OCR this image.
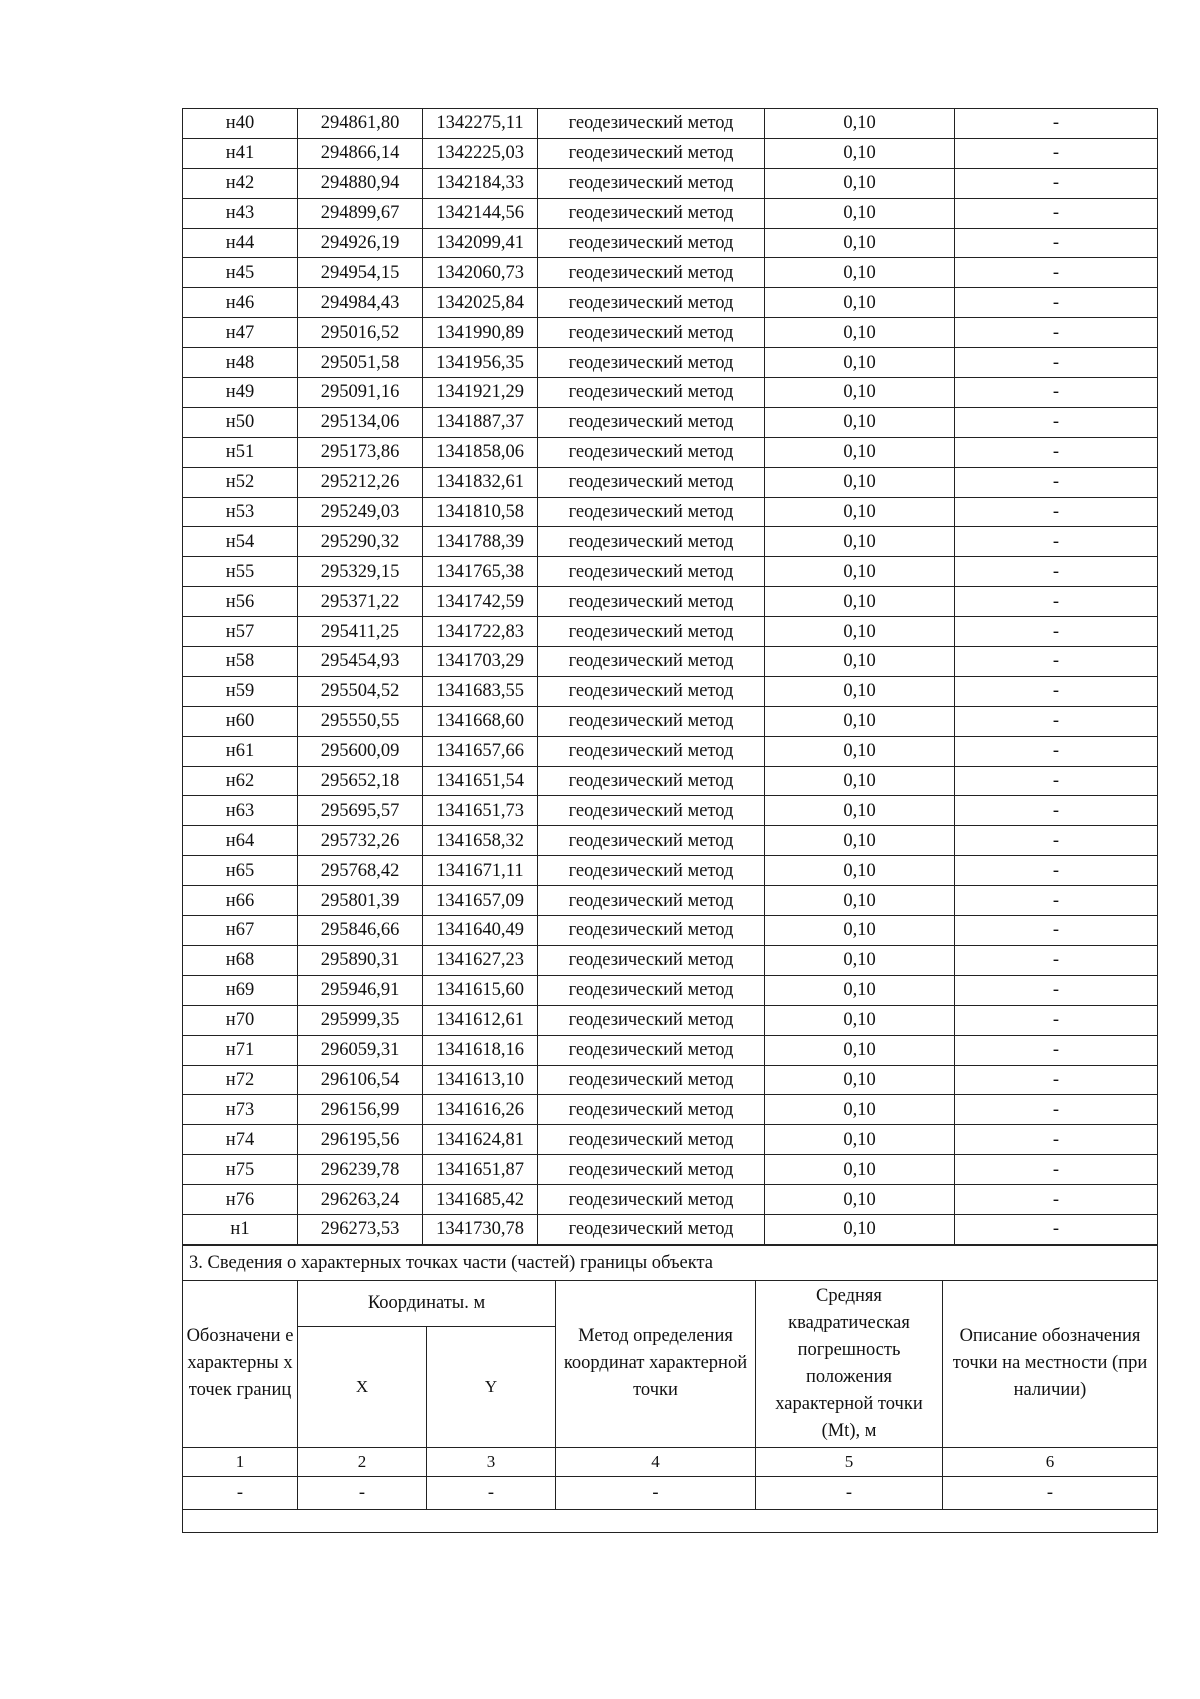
н40	294861,80	1342275,11	геодезический метод	0,10	-
н41	294866,14	1342225,03	геодезический метод	0,10	-
н42	294880,94	1342184,33	геодезический метод	0,10	-
н43	294899,67	1342144,56	геодезический метод	0,10	-
н44	294926,19	1342099,41	геодезический метод	0,10	-
н45	294954,15	1342060,73	геодезический метод	0,10	-
н46	294984,43	1342025,84	геодезический метод	0,10	-
н47	295016,52	1341990,89	геодезический метод	0,10	-
н48	295051,58	1341956,35	геодезический метод	0,10	-
н49	295091,16	1341921,29	геодезический метод	0,10	-
н50	295134,06	1341887,37	геодезический метод	0,10	-
н51	295173,86	1341858,06	геодезический метод	0,10	-
н52	295212,26	1341832,61	геодезический метод	0,10	-
н53	295249,03	1341810,58	геодезический метод	0,10	-
н54	295290,32	1341788,39	геодезический метод	0,10	-
н55	295329,15	1341765,38	геодезический метод	0,10	-
н56	295371,22	1341742,59	геодезический метод	0,10	-
н57	295411,25	1341722,83	геодезический метод	0,10	-
н58	295454,93	1341703,29	геодезический метод	0,10	-
н59	295504,52	1341683,55	геодезический метод	0,10	-
н60	295550,55	1341668,60	геодезический метод	0,10	-
н61	295600,09	1341657,66	геодезический метод	0,10	-
н62	295652,18	1341651,54	геодезический метод	0,10	-
н63	295695,57	1341651,73	геодезический метод	0,10	-
н64	295732,26	1341658,32	геодезический метод	0,10	-
н65	295768,42	1341671,11	геодезический метод	0,10	-
н66	295801,39	1341657,09	геодезический метод	0,10	-
н67	295846,66	1341640,49	геодезический метод	0,10	-
н68	295890,31	1341627,23	геодезический метод	0,10	-
н69	295946,91	1341615,60	геодезический метод	0,10	-
н70	295999,35	1341612,61	геодезический метод	0,10	-
н71	296059,31	1341618,16	геодезический метод	0,10	-
н72	296106,54	1341613,10	геодезический метод	0,10	-
н73	296156,99	1341616,26	геодезический метод	0,10	-
н74	296195,56	1341624,81	геодезический метод	0,10	-
н75	296239,78	1341651,87	геодезический метод	0,10	-
н76	296263,24	1341685,42	геодезический метод	0,10	-
н1	296273,53	1341730,78	геодезический метод	0,10	-
3. Сведения о характерных точках части (частей) границы объекта					
Обозначени е характерны х точек границ	Координаты. м		Метод определения координат характерной точки	Средняя квадратическая погрешность положения характерной точки (Mt), м	Описание обозначения точки на местности (при наличии)
	X	Y			
1	2	3	4	5	6
-	-	-	-	-	-
